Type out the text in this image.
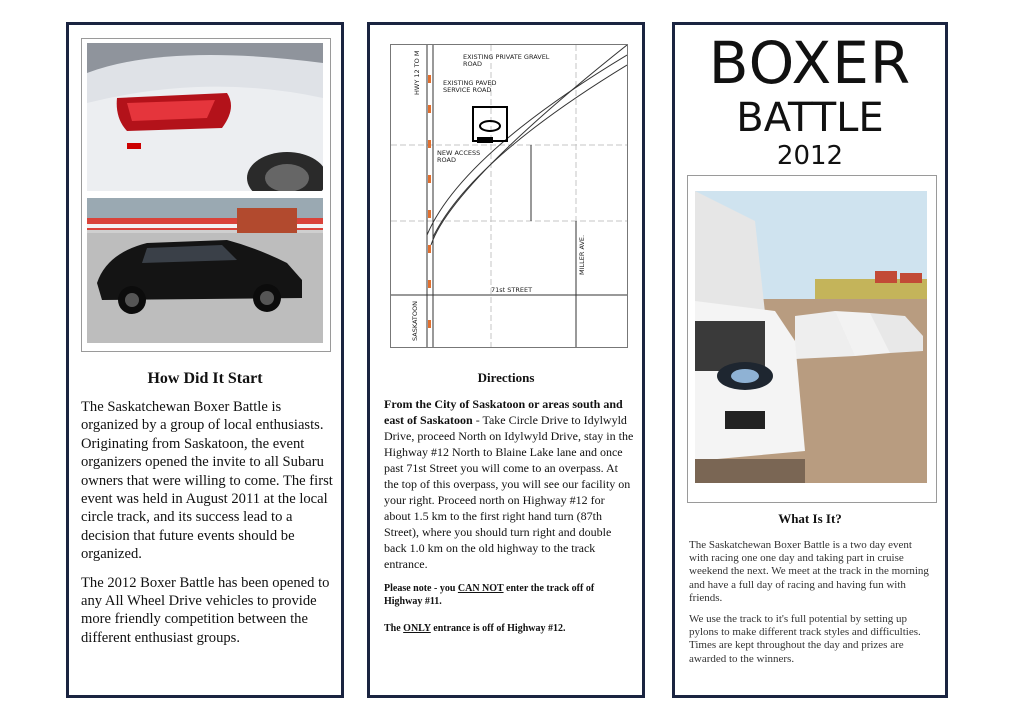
How Did It Start

The Saskatchewan Boxer Battle is organized by a group of local enthusiasts. Originating from Saskatoon, the event organizers opened the invite to all Subaru owners that were willing to come. The first event was held in August 2011 at the local circle track, and its success lead to a decision that future events should be organized.

The 2012 Boxer Battle has been opened to any All Wheel Drive vehicles to provide more friendly competition between the different enthusiast groups.

EXISTING PRIVATE GRAVEL
ROAD
EXISTING PAVED
SERVICE ROAD
NEW ACCESS
ROAD
71st STREET
HWY 12 TO M
MILLER AVE.
SASKATOON
Directions

From the City of Saskatoon or areas south and east of Saskatoon - Take Circle Drive to Idylwyld Drive, proceed North on Idylwyld Drive, stay in the Highway #12 North to Blaine Lake lane and once past 71st Street you will come to an overpass. At the top of this overpass, you will see our facility on your right. Proceed north on Highway #12 for about 1.5 km to the first right hand turn (87th Street), where you should turn right and double back 1.0 km on the old highway to the track entrance.

Please note - you CAN NOT enter the track off of Highway #11.

The ONLY entrance is off of Highway #12.

BOXER
BATTLE
2012
What Is It?

The Saskatchewan Boxer Battle is a two day event with racing one one day and taking part in cruise weekend the next. We meet at the track in the morning and have a full day of racing and having fun with friends.

We use the track to it's full potential by setting up pylons to make different track styles and difficulties. Times are kept throughout the day and prizes are awarded to the winners.
